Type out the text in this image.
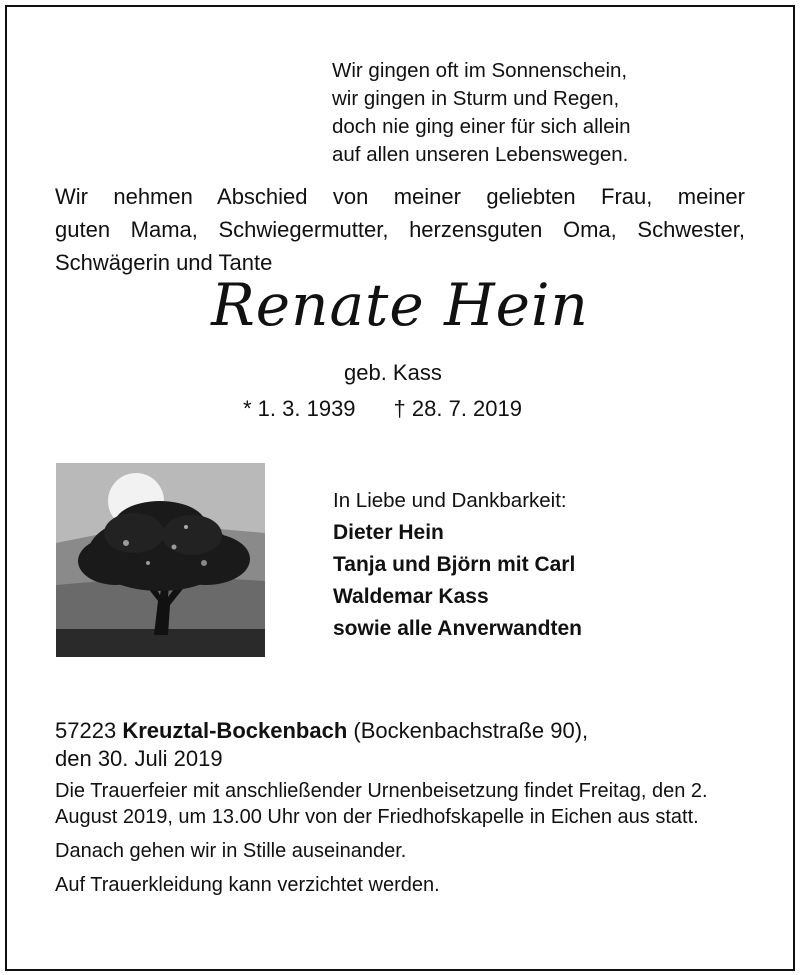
Wir gingen oft im Sonnenschein,
wir gingen in Sturm und Regen,
doch nie ging einer für sich allein
auf allen unseren Lebenswegen.
Wir nehmen Abschied von meiner geliebten Frau, meiner
guten Mama, Schwiegermutter, herzensguten Oma, Schwester,
Schwägerin und Tante
Renate Hein
geb. Kass
* 1. 3. 1939 † 28. 7. 2019
In Liebe und Dankbarkeit:
Dieter Hein
Tanja und Björn mit Carl
Waldemar Kass
sowie alle Anverwandten
57223 Kreuztal-Bockenbach (Bockenbachstraße 90),
den 30. Juli 2019

Die Trauerfeier mit anschließender Urnenbeisetzung findet Freitag, den 2. August 2019, um 13.00 Uhr von der Friedhofskapelle in Eichen aus statt.

Danach gehen wir in Stille auseinander.

Auf Trauerkleidung kann verzichtet werden.
